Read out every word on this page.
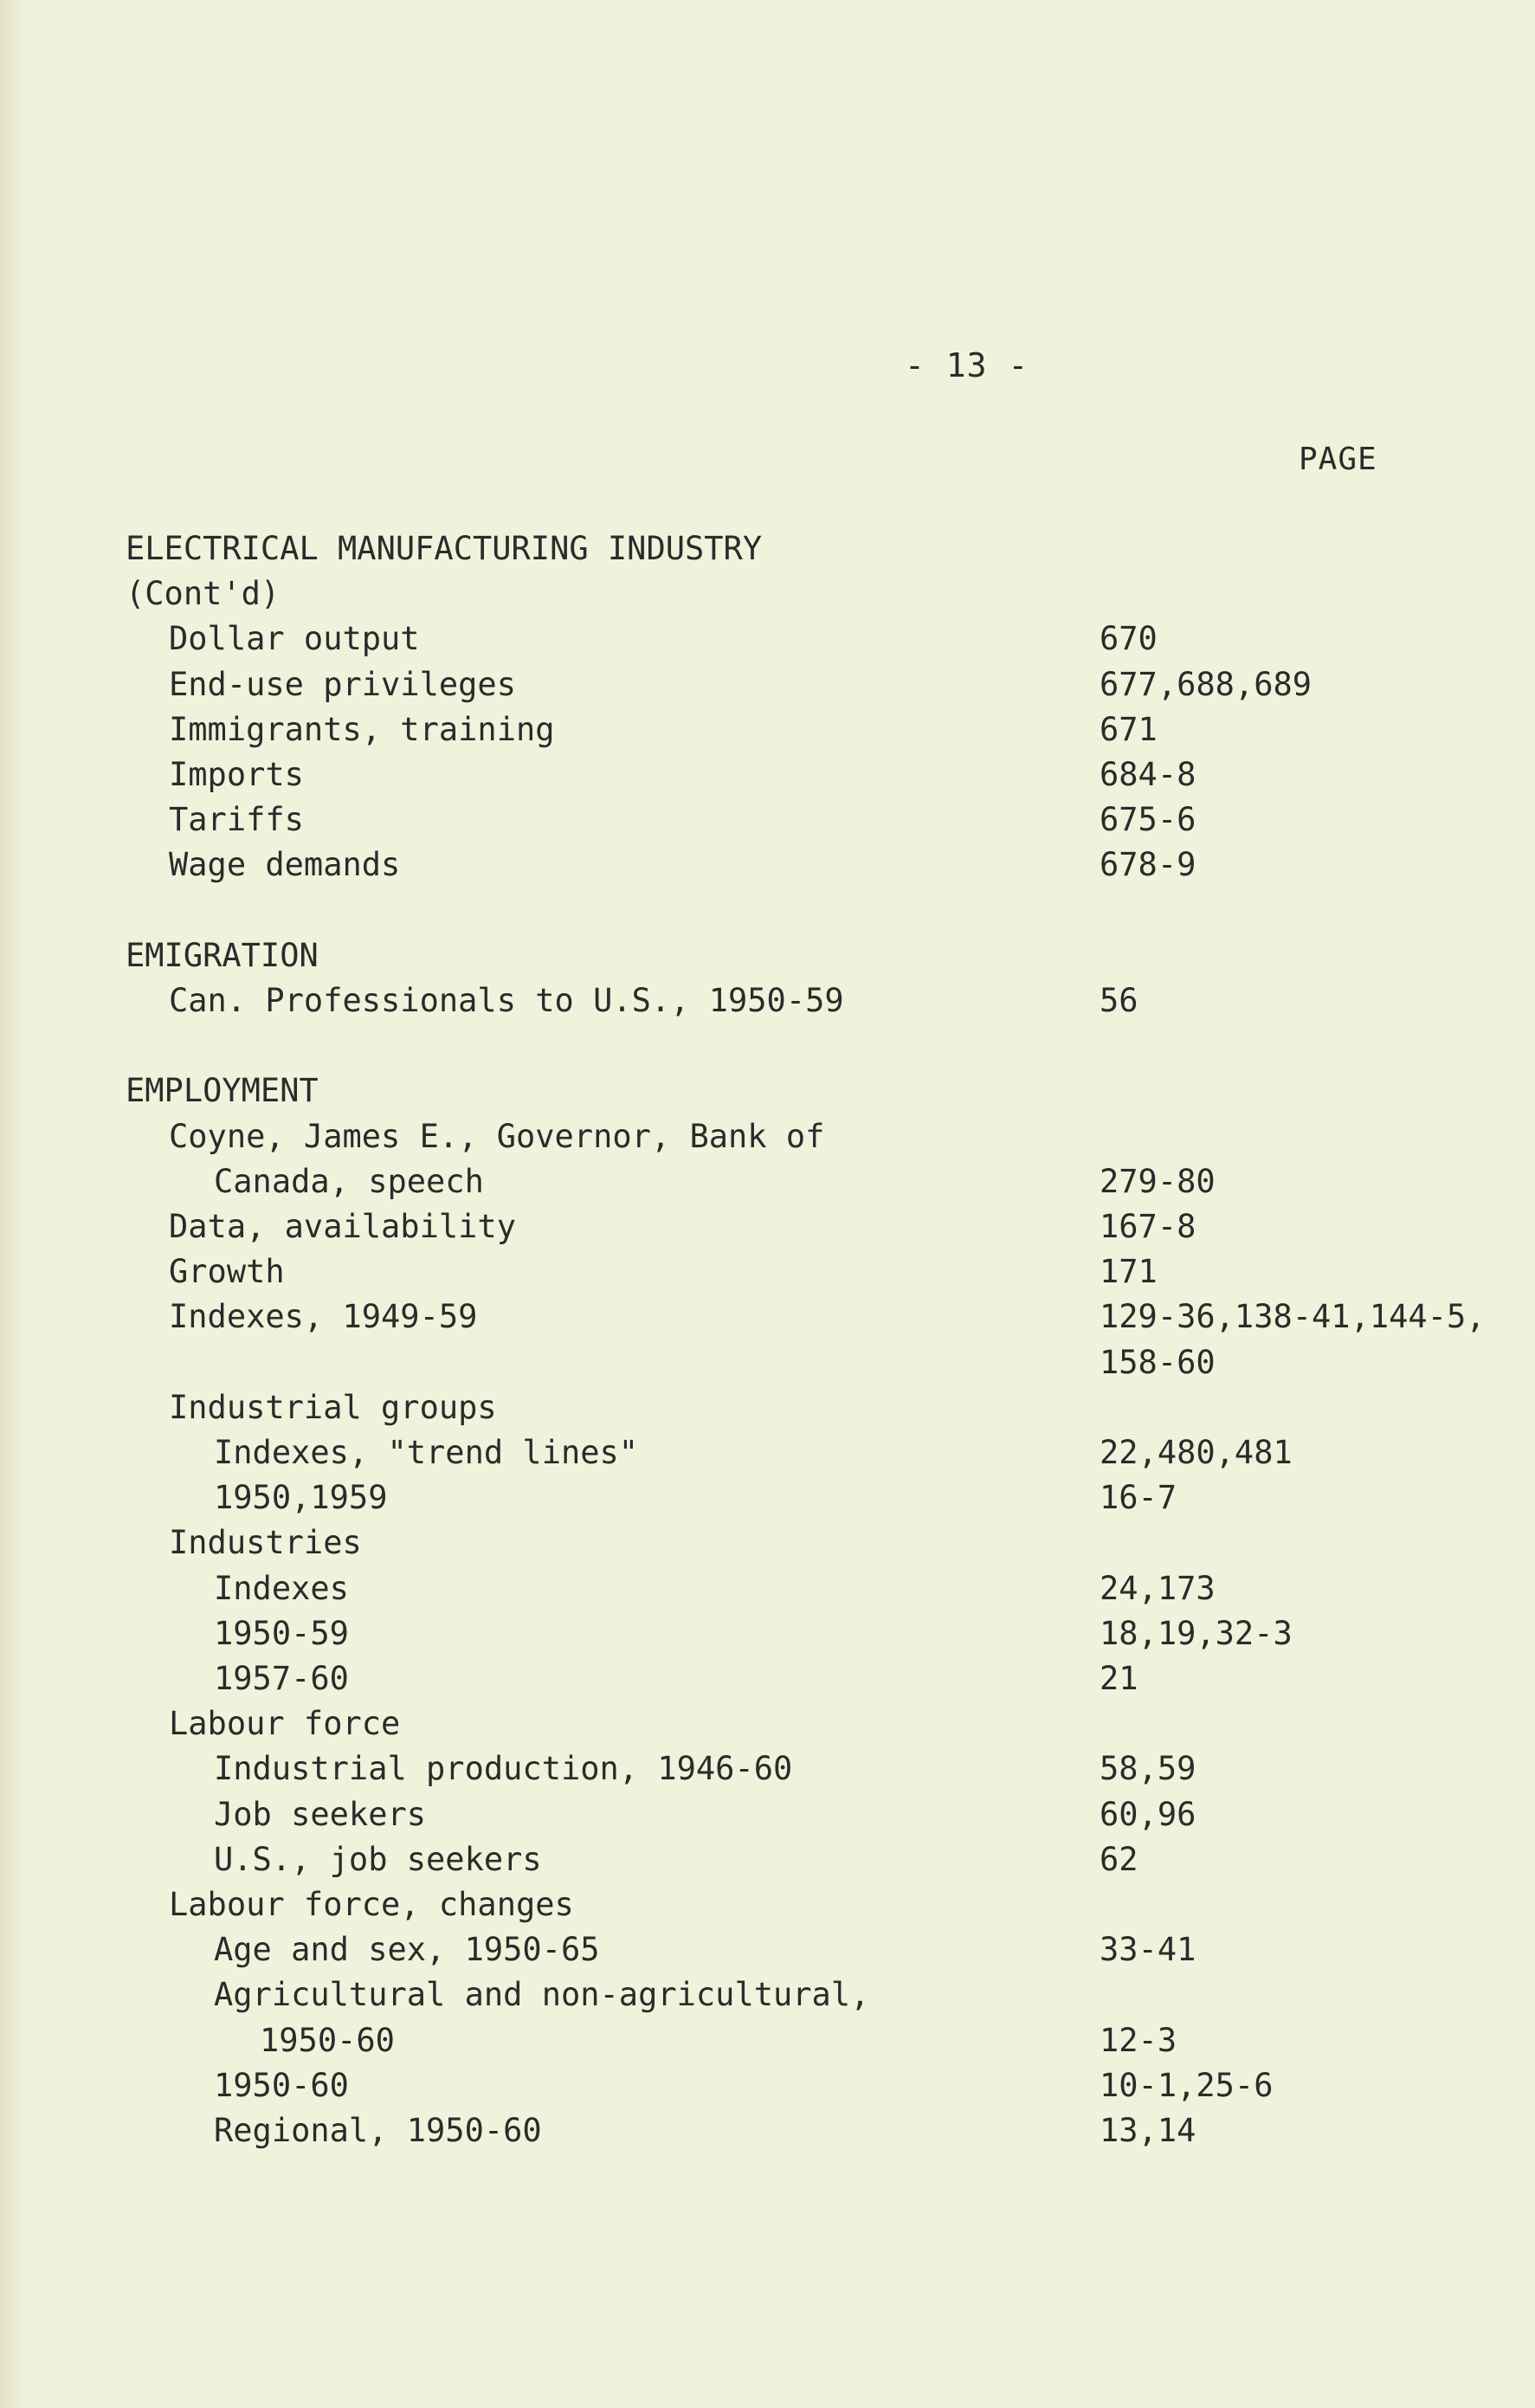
- 13 -
PAGE
ELECTRICAL MANUFACTURING INDUSTRY
(Cont'd)
Dollar output	670
End-use privileges	677,688,689
Immigrants, training	671
Imports	684-8
Tariffs	675-6
Wage demands	678-9
EMIGRATION
Can. Professionals to U.S., 1950-59	56
EMPLOYMENT
Coyne, James E., Governor, Bank of
Canada, speech	279-80
Data, availability	167-8
Growth	171
Indexes, 1949-59	129-36,138-41,144-5,
158-60
Industrial groups
Indexes, "trend lines"	22,480,481
1950,1959	16-7
Industries
Indexes	24,173
1950-59	18,19,32-3
1957-60	21
Labour force
Industrial production, 1946-60	58,59
Job seekers	60,96
U.S., job seekers	62
Labour force, changes
Age and sex, 1950-65	33-41
Agricultural and non-agricultural,
1950-60	12-3
1950-60	10-1,25-6
Regional, 1950-60	13,14
